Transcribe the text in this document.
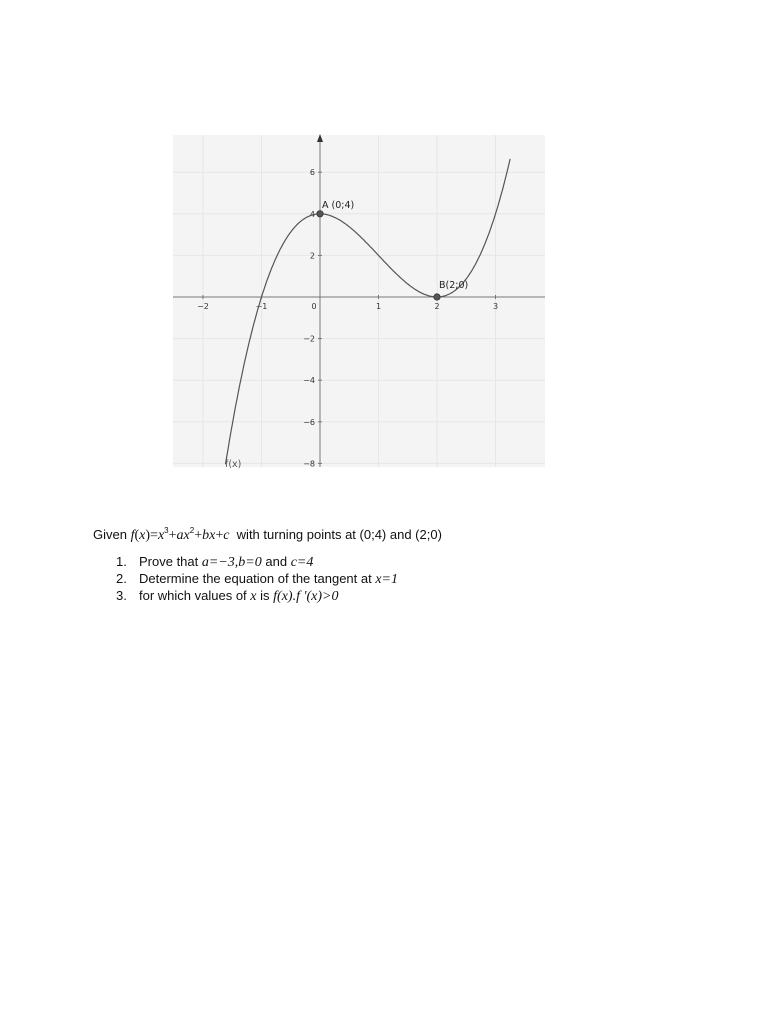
−2	−1	0	1	2	3
6
4
2
−2
−4
−6
−8
A (0;4)
B(2;0)
f(x)
Given $f(x)=x^3+ax^2+bx+c$ with turning points at (0;4) and (2;0)
1. Prove that a=−3,b=0 and c=4
2. Determine the equation of the tangent at x=1
3. for which values of x is f(x).f '(x)>0
